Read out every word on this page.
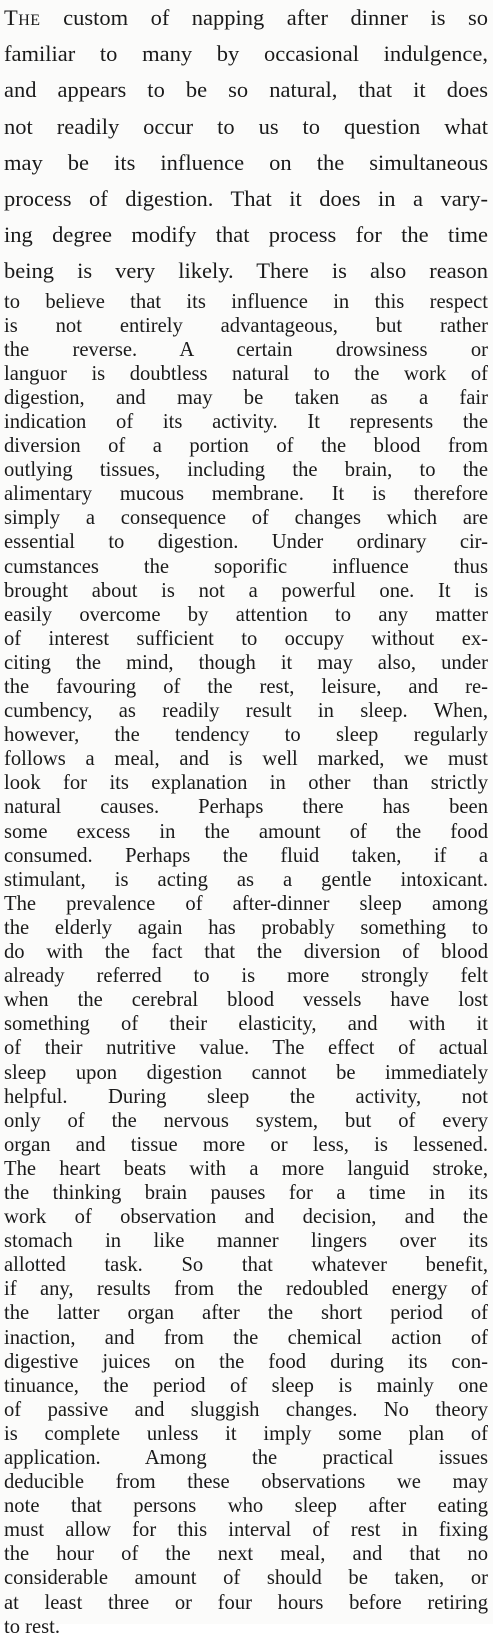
The custom of napping after dinner is so
familiar to many by occasional indulgence,
and appears to be so natural, that it does
not readily occur to us to question what
may be its influence on the simultaneous
process of digestion. That it does in a vary-
ing degree modify that process for the time
being is very likely. There is also reason
to believe that its influence in this respect
is not entirely advantageous, but rather
the reverse. A certain drowsiness or
languor is doubtless natural to the work of
digestion, and may be taken as a fair
indication of its activity. It represents the
diversion of a portion of the blood from
outlying tissues, including the brain, to the
alimentary mucous membrane. It is therefore
simply a consequence of changes which are
essential to digestion. Under ordinary cir-
cumstances the soporific influence thus
brought about is not a powerful one. It is
easily overcome by attention to any matter
of interest sufficient to occupy without ex-
citing the mind, though it may also, under
the favouring of the rest, leisure, and re-
cumbency, as readily result in sleep. When,
however, the tendency to sleep regularly
follows a meal, and is well marked, we must
look for its explanation in other than strictly
natural causes. Perhaps there has been
some excess in the amount of the food
consumed. Perhaps the fluid taken, if a
stimulant, is acting as a gentle intoxicant.
The prevalence of after-dinner sleep among
the elderly again has probably something to
do with the fact that the diversion of blood
already referred to is more strongly felt
when the cerebral blood vessels have lost
something of their elasticity, and with it
of their nutritive value. The effect of actual
sleep upon digestion cannot be immediately
helpful. During sleep the activity, not
only of the nervous system, but of every
organ and tissue more or less, is lessened.
The heart beats with a more languid stroke,
the thinking brain pauses for a time in its
work of observation and decision, and the
stomach in like manner lingers over its
allotted task. So that whatever benefit,
if any, results from the redoubled energy of
the latter organ after the short period of
inaction, and from the chemical action of
digestive juices on the food during its con-
tinuance, the period of sleep is mainly one
of passive and sluggish changes. No theory
is complete unless it imply some plan of
application. Among the practical issues
deducible from these observations we may
note that persons who sleep after eating
must allow for this interval of rest in fixing
the hour of the next meal, and that no
considerable amount of should be taken, or
at least three or four hours before retiring
to rest.
